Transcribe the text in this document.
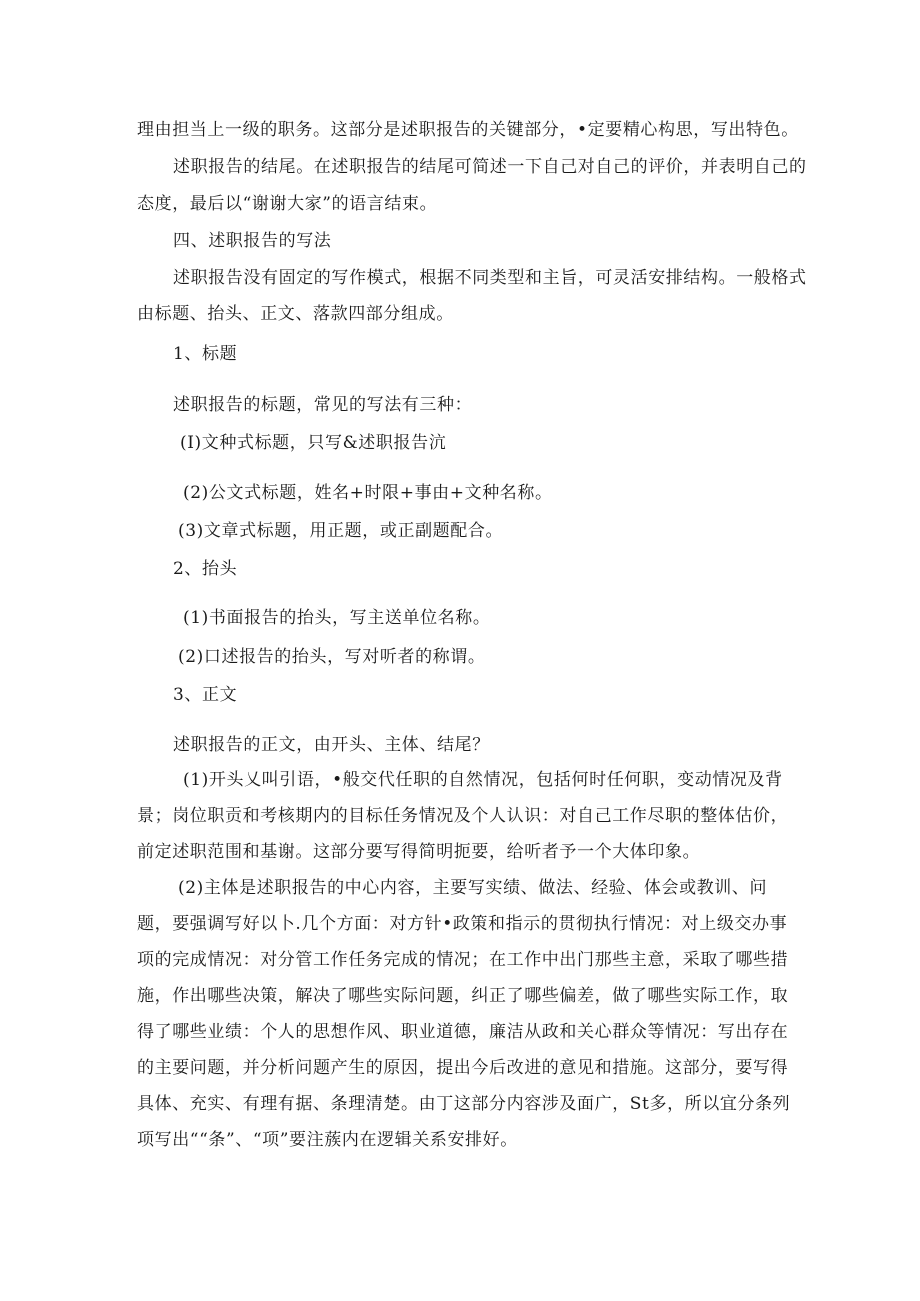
理由担当上一级的职务。这部分是述职报告的关键部分，•定要精心构思，写出特色。
述职报告的结尾。在述职报告的结尾可简述一下自己对自己的评价，并表明自己的
态度，最后以“谢谢大家”的语言结束。
四、述职报告的写法
述职报告没有固定的写作模式，根据不同类型和主旨，可灵活安排结构。一般格式
由标题、抬头、正文、落款四部分组成。
1、标题
述职报告的标题，常见的写法有三种：
(I)文种式标题，只写&述职报告沆
(2)公文式标题，姓名+时限+事由+文种名称。
(3)文章式标题，用正题，或正副题配合。
2、抬头
(1)书面报告的抬头，写主送单位名称。
(2)口述报告的抬头，写对听者的称谓。
3、正文
述职报告的正文，由开头、主体、结尾？
(1)开头乂叫引语，•般交代任职的自然情况，包括何时任何职，变动情况及背
景；岗位职贡和考核期内的目标任务情况及个人认识：对自己工作尽职的整体估价，
前定述职范围和基谢。这部分要写得简明扼要，给听者予一个大体印象。
(2)主体是述职报告的中心内容，主要写实绩、做法、经验、体会或教训、问
题，要强调写好以卜.几个方面：对方针•政策和指示的贯彻执行情况：对上级交办事
项的完成情况：对分管工作任务完成的情况；在工作中出门那些主意，采取了哪些措
施，作出哪些决策，解决了哪些实际问题，纠正了哪些偏差，做了哪些实际工作，取
得了哪些业绩：个人的思想作风、职业道德，廉洁从政和关心群众等情况：写出存在
的主要问题，并分析问题产生的原因，提出今后改进的意见和措施。这部分，要写得
具体、充实、有理有据、条理清楚。由丁这部分内容涉及面广，St多，所以宜分条列
项写出““条”、“项”要注蔟内在逻辑关系安排好。
